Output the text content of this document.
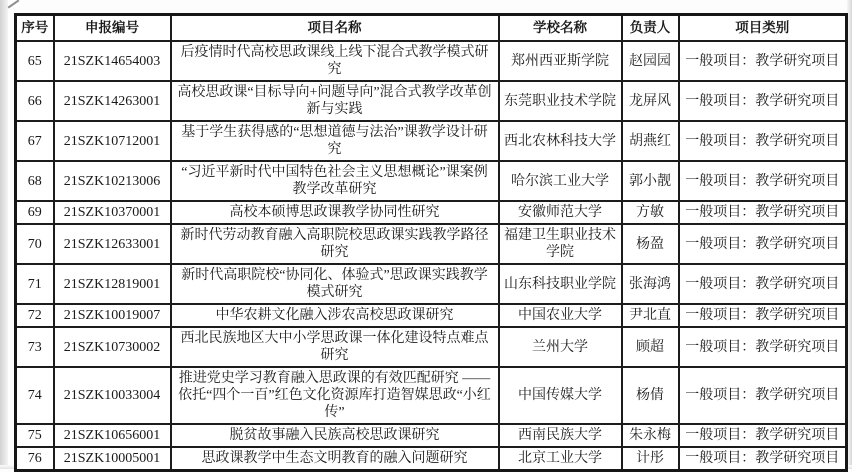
序号	申报编号	项目名称	学校名称	负责人	项目类别
65	21SZK14654003	后疫情时代高校思政课线上线下混合式教学模式研究	郑州西亚斯学院	赵园园	一般项目：教学研究项目
66	21SZK14263001	高校思政课“目标导向+问题导向”混合式教学改革创新与实践	东莞职业技术学院	龙屏风	一般项目：教学研究项目
67	21SZK10712001	基于学生获得感的“思想道德与法治”课教学设计研究	西北农林科技大学	胡燕红	一般项目：教学研究项目
68	21SZK10213006	“习近平新时代中国特色社会主义思想概论”课案例教学改革研究	哈尔滨工业大学	郭小靓	一般项目：教学研究项目
69	21SZK10370001	高校本硕博思政课教学协同性研究	安徽师范大学	方敏	一般项目：教学研究项目
70	21SZK12633001	新时代劳动教育融入高职院校思政课实践教学路径研究	福建卫生职业技术学院	杨盈	一般项目：教学研究项目
71	21SZK12819001	新时代高职院校“协同化、体验式”思政课实践教学模式研究	山东科技职业学院	张海鸿	一般项目：教学研究项目
72	21SZK10019007	中华农耕文化融入涉农高校思政课研究	中国农业大学	尹北直	一般项目：教学研究项目
73	21SZK10730002	西北民族地区大中小学思政课一体化建设特点难点研究	兰州大学	顾超	一般项目：教学研究项目
74	21SZK10033004	推进党史学习教育融入思政课的有效匹配研究 ——依托“四个一百”红色文化资源库打造智媒思政“小红传”	中国传媒大学	杨倩	一般项目：教学研究项目
75	21SZK10656001	脱贫故事融入民族高校思政课研究	西南民族大学	朱永梅	一般项目：教学研究项目
76	21SZK10005001	思政课教学中生态文明教育的融入问题研究	北京工业大学	计彤	一般项目：教学研究项目
